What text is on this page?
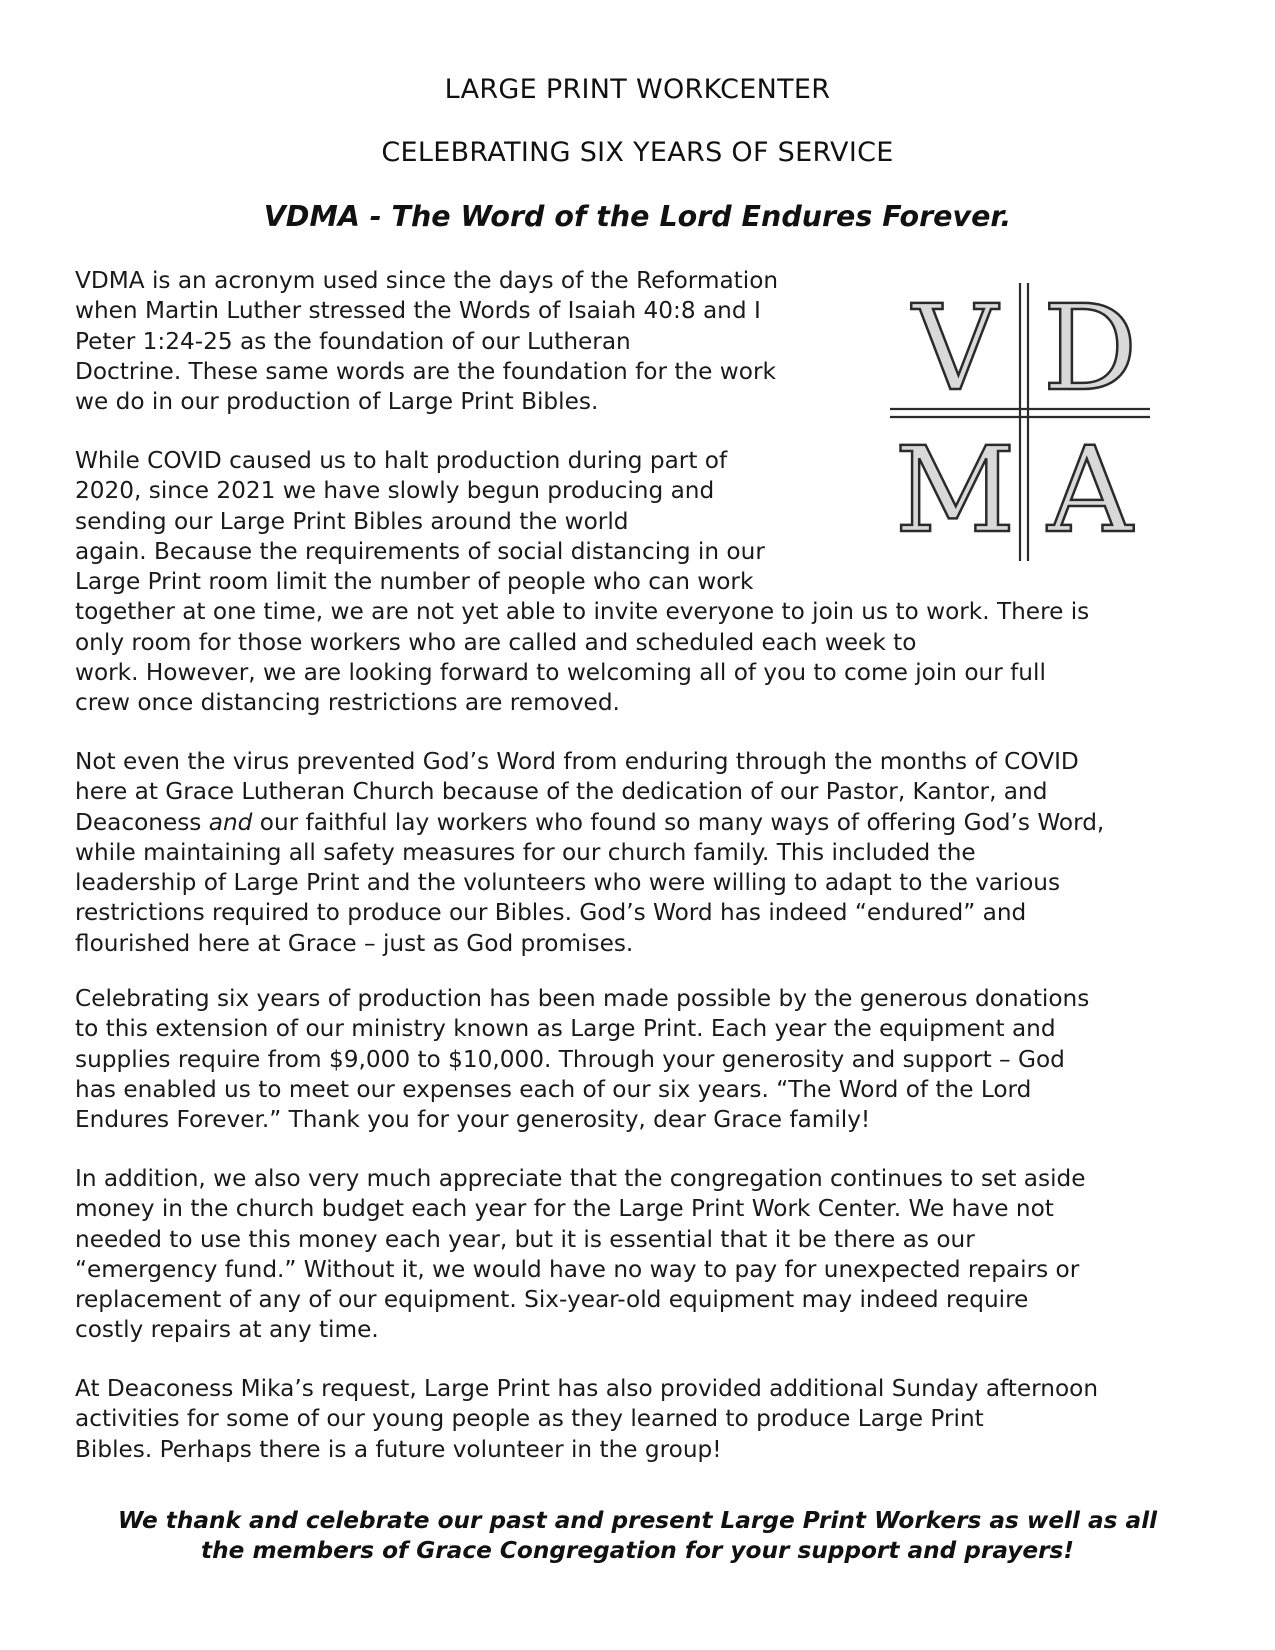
LARGE PRINT WORKCENTER
CELEBRATING SIX YEARS OF SERVICE
VDMA - The Word of the Lord Endures Forever.
V D
M A
VDMA is an acronym used since the days of the Reformation
when Martin Luther stressed the Words of Isaiah 40:8 and I
Peter 1:24-25 as the foundation of our Lutheran
Doctrine. These same words are the foundation for the work
we do in our production of Large Print Bibles.
While COVID caused us to halt production during part of
2020, since 2021 we have slowly begun producing and
sending our Large Print Bibles around the world
again. Because the requirements of social distancing in our
Large Print room limit the number of people who can work
together at one time, we are not yet able to invite everyone to join us to work. There is
only room for those workers who are called and scheduled each week to
work. However, we are looking forward to welcoming all of you to come join our full
crew once distancing restrictions are removed.
Not even the virus prevented God’s Word from enduring through the months of COVID
here at Grace Lutheran Church because of the dedication of our Pastor, Kantor, and
Deaconess and our faithful lay workers who found so many ways of offering God’s Word,
while maintaining all safety measures for our church family. This included the
leadership of Large Print and the volunteers who were willing to adapt to the various
restrictions required to produce our Bibles. God’s Word has indeed “endured” and
flourished here at Grace – just as God promises.
Celebrating six years of production has been made possible by the generous donations
to this extension of our ministry known as Large Print. Each year the equipment and
supplies require from $9,000 to $10,000. Through your generosity and support – God
has enabled us to meet our expenses each of our six years. “The Word of the Lord
Endures Forever.” Thank you for your generosity, dear Grace family!
In addition, we also very much appreciate that the congregation continues to set aside
money in the church budget each year for the Large Print Work Center. We have not
needed to use this money each year, but it is essential that it be there as our
“emergency fund.” Without it, we would have no way to pay for unexpected repairs or
replacement of any of our equipment. Six-year-old equipment may indeed require
costly repairs at any time.
At Deaconess Mika’s request, Large Print has also provided additional Sunday afternoon
activities for some of our young people as they learned to produce Large Print
Bibles. Perhaps there is a future volunteer in the group!
We thank and celebrate our past and present Large Print Workers as well as all
the members of Grace Congregation for your support and prayers!
